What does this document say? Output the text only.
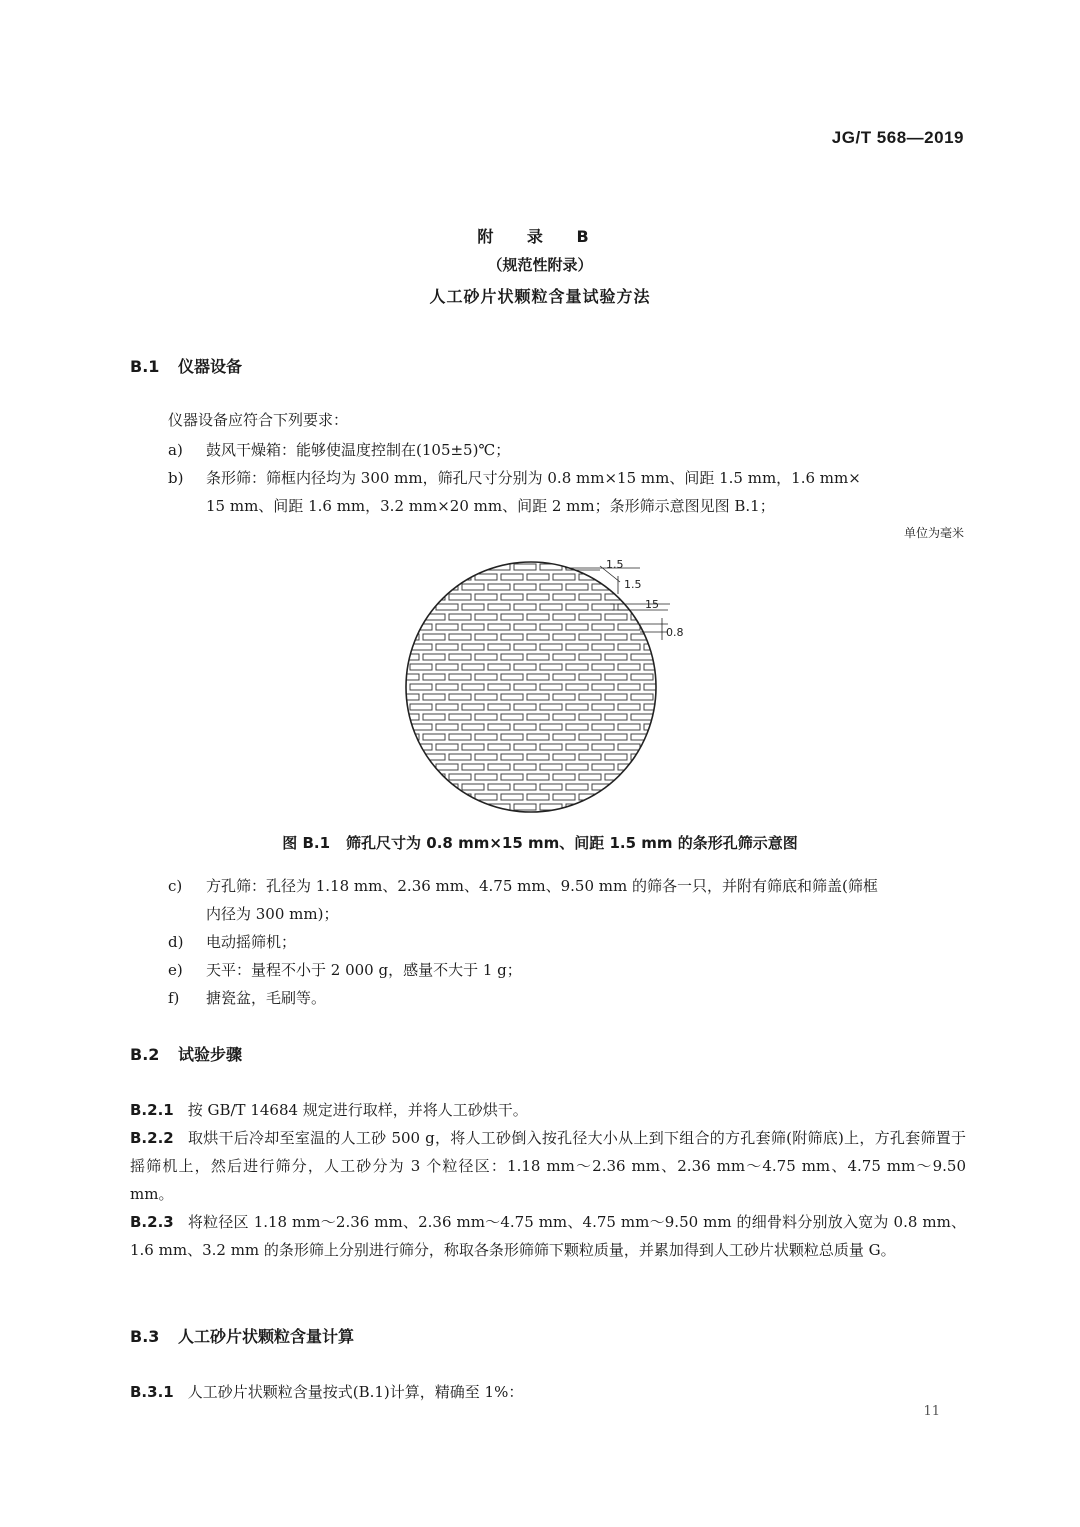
JG/T 568—2019
附 录 B
（规范性附录）
人工砂片状颗粒含量试验方法
B.1 仪器设备
仪器设备应符合下列要求：
a) 鼓风干燥箱：能够使温度控制在(105±5)℃；
b) 条形筛：筛框内径均为 300 mm，筛孔尺寸分别为 0.8 mm×15 mm、间距 1.5 mm，1.6 mm×
15 mm、间距 1.6 mm，3.2 mm×20 mm、间距 2 mm；条形筛示意图见图 B.1；
单位为毫米
1.5
1.5
15
0.8
图 B.1 筛孔尺寸为 0.8 mm×15 mm、间距 1.5 mm 的条形孔筛示意图
c) 方孔筛：孔径为 1.18 mm、2.36 mm、4.75 mm、9.50 mm 的筛各一只，并附有筛底和筛盖(筛框
内径为 300 mm)；
d) 电动摇筛机；
e) 天平：量程不小于 2 000 g，感量不大于 1 g；
f) 搪瓷盆，毛刷等。
B.2 试验步骤
B.2.1 按 GB/T 14684 规定进行取样，并将人工砂烘干。
B.2.2 取烘干后冷却至室温的人工砂 500 g，将人工砂倒入按孔径大小从上到下组合的方孔套筛(附筛底)上，方孔套筛置于摇筛机上，然后进行筛分，人工砂分为 3 个粒径区：1.18 mm～2.36 mm、2.36 mm～4.75 mm、4.75 mm～9.50 mm。
B.2.3 将粒径区 1.18 mm～2.36 mm、2.36 mm～4.75 mm、4.75 mm～9.50 mm 的细骨料分别放入宽为 0.8 mm、1.6 mm、3.2 mm 的条形筛上分别进行筛分，称取各条形筛筛下颗粒质量，并累加得到人工砂片状颗粒总质量 G。
B.3 人工砂片状颗粒含量计算
B.3.1 人工砂片状颗粒含量按式(B.1)计算，精确至 1%：
11
